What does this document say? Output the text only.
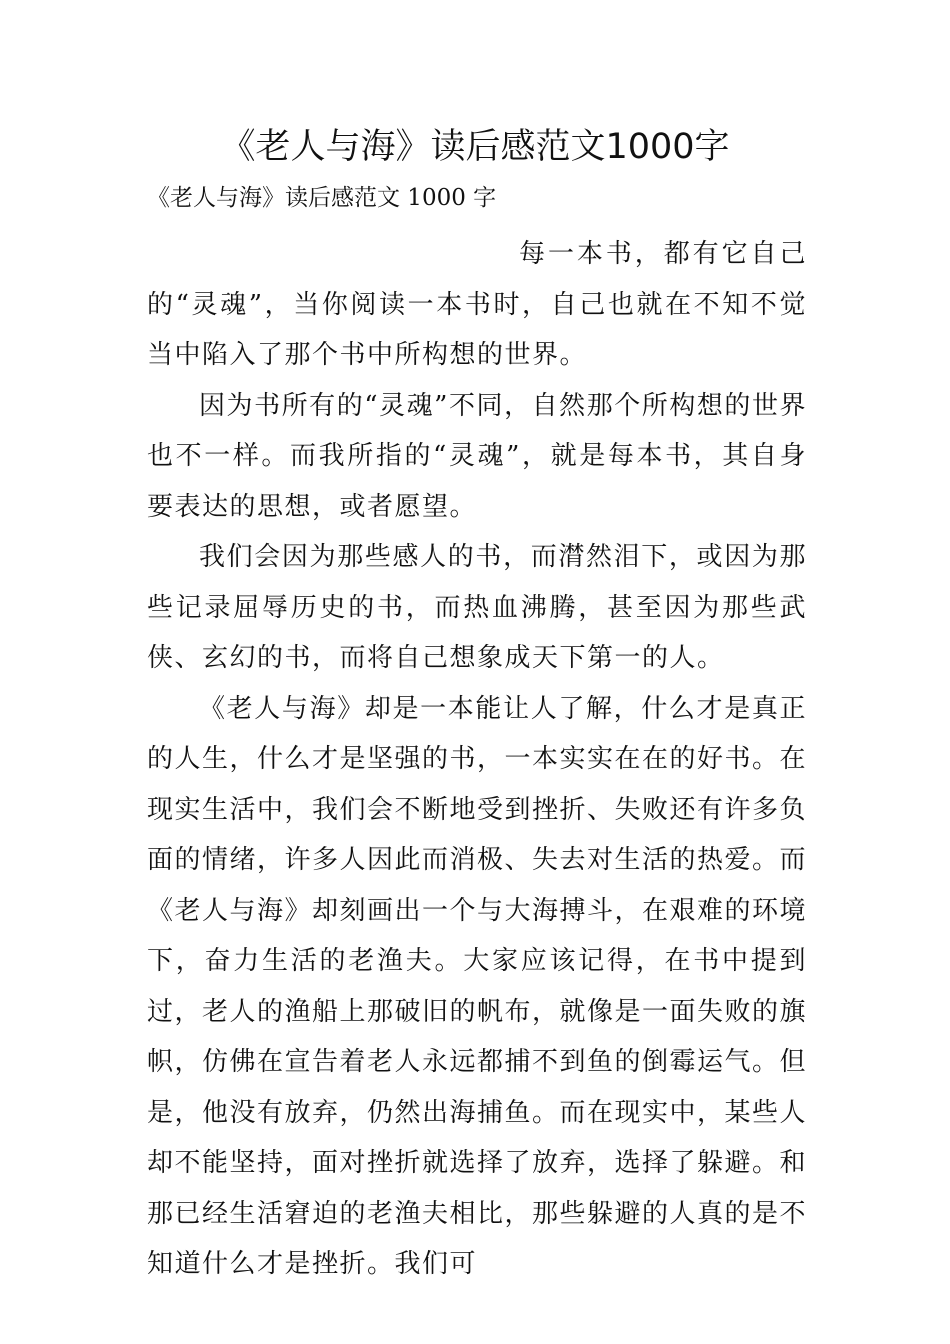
《老人与海》读后感范文1000字
《老人与海》读后感范文 1000 字

每一本书，都有它自己的“灵魂”，当你阅读一本书时，自己也就在不知不觉当中陷入了那个书中所构想的世界。

因为书所有的“灵魂”不同，自然那个所构想的世界也不一样。而我所指的“灵魂”，就是每本书，其自身要表达的思想，或者愿望。

我们会因为那些感人的书，而潸然泪下，或因为那些记录屈辱历史的书，而热血沸腾，甚至因为那些武侠、玄幻的书，而将自己想象成天下第一的人。

《老人与海》却是一本能让人了解，什么才是真正的人生，什么才是坚强的书，一本实实在在的好书。在现实生活中，我们会不断地受到挫折、失败还有许多负面的情绪，许多人因此而消极、失去对生活的热爱。而《老人与海》却刻画出一个与大海搏斗，在艰难的环境下，奋力生活的老渔夫。大家应该记得，在书中提到过，老人的渔船上那破旧的帆布，就像是一面失败的旗帜，仿佛在宣告着老人永远都捕不到鱼的倒霉运气。但是，他没有放弃，仍然出海捕鱼。而在现实中，某些人却不能坚持，面对挫折就选择了放弃，选择了躲避。和那已经生活窘迫的老渔夫相比，那些躲避的人真的是不知道什么才是挫折。我们可
